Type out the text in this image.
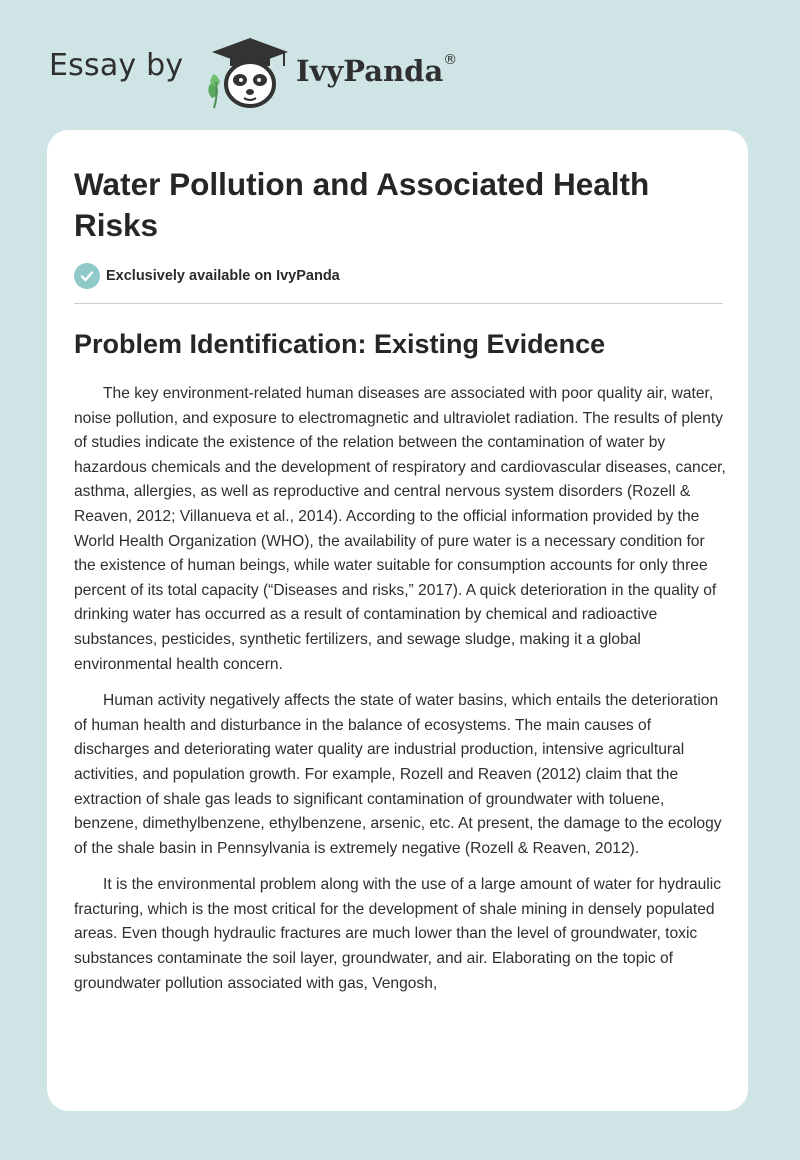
Essay by	IvyPanda®
Water Pollution and Associated Health Risks
Exclusively available on IvyPanda
Problem Identification: Existing Evidence

The key environment-related human diseases are associated with poor quality air, water, noise pollution, and exposure to electromagnetic and ultraviolet radiation. The results of plenty of studies indicate the existence of the relation between the contamination of water by hazardous chemicals and the development of respiratory and cardiovascular diseases, cancer, asthma, allergies, as well as reproductive and central nervous system disorders (Rozell & Reaven, 2012; Villanueva et al., 2014). According to the official information provided by the World Health Organization (WHO), the availability of pure water is a necessary condition for the existence of human beings, while water suitable for consumption accounts for only three percent of its total capacity (“Diseases and risks,” 2017). A quick deterioration in the quality of drinking water has occurred as a result of contamination by chemical and radioactive substances, pesticides, synthetic fertilizers, and sewage sludge, making it a global environmental health concern.

Human activity negatively affects the state of water basins, which entails the deterioration of human health and disturbance in the balance of ecosystems. The main causes of discharges and deteriorating water quality are industrial production, intensive agricultural activities, and population growth. For example, Rozell and Reaven (2012) claim that the extraction of shale gas leads to significant contamination of groundwater with toluene, benzene, dimethylbenzene, ethylbenzene, arsenic, etc. At present, the damage to the ecology of the shale basin in Pennsylvania is extremely negative (Rozell & Reaven, 2012).

It is the environmental problem along with the use of a large amount of water for hydraulic fracturing, which is the most critical for the development of shale mining in densely populated areas. Even though hydraulic fractures are much lower than the level of groundwater, toxic substances contaminate the soil layer, groundwater, and air. Elaborating on the topic of groundwater pollution associated with gas, Vengosh,
